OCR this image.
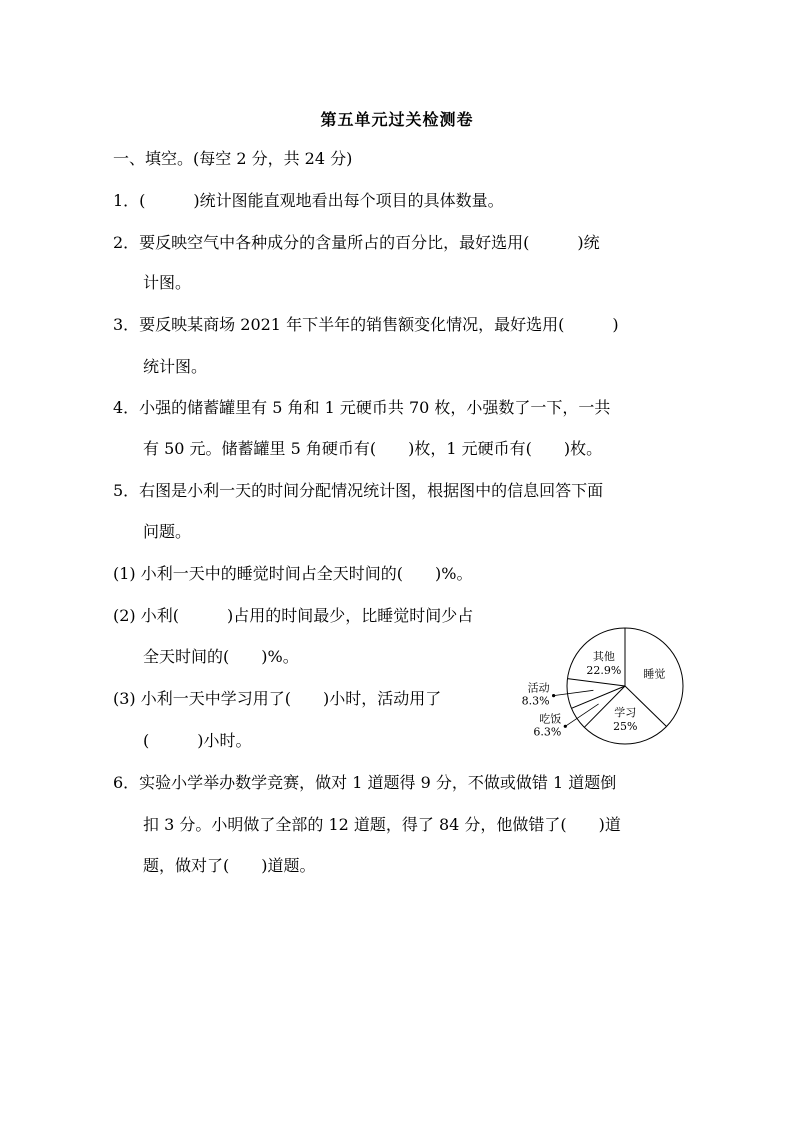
第五单元过关检测卷
一、填空。(每空 2 分，共 24 分)
1．(　　　)统计图能直观地看出每个项目的具体数量。
2．要反映空气中各种成分的含量所占的百分比，最好选用(　　　)统
计图。
3．要反映某商场 2021 年下半年的销售额变化情况，最好选用(　　　)
统计图。
4．小强的储蓄罐里有 5 角和 1 元硬币共 70 枚，小强数了一下，一共
有 50 元。储蓄罐里 5 角硬币有(　　)枚，1 元硬币有(　　)枚。
5．右图是小利一天的时间分配情况统计图，根据图中的信息回答下面
问题。
(1) 小利一天中的睡觉时间占全天时间的(　　)%。
(2) 小利(　　　)占用的时间最少，比睡觉时间少占
全天时间的(　　)%。
(3) 小利一天中学习用了(　　)小时，活动用了
(　　　)小时。
6．实验小学举办数学竞赛，做对 1 道题得 9 分，不做或做错 1 道题倒
扣 3 分。小明做了全部的 12 道题，得了 84 分，他做错了(　　)道
题，做对了(　　)道题。
睡觉
学习
25%
吃饭
6.3%
活动
8.3%
其他
22.9%
